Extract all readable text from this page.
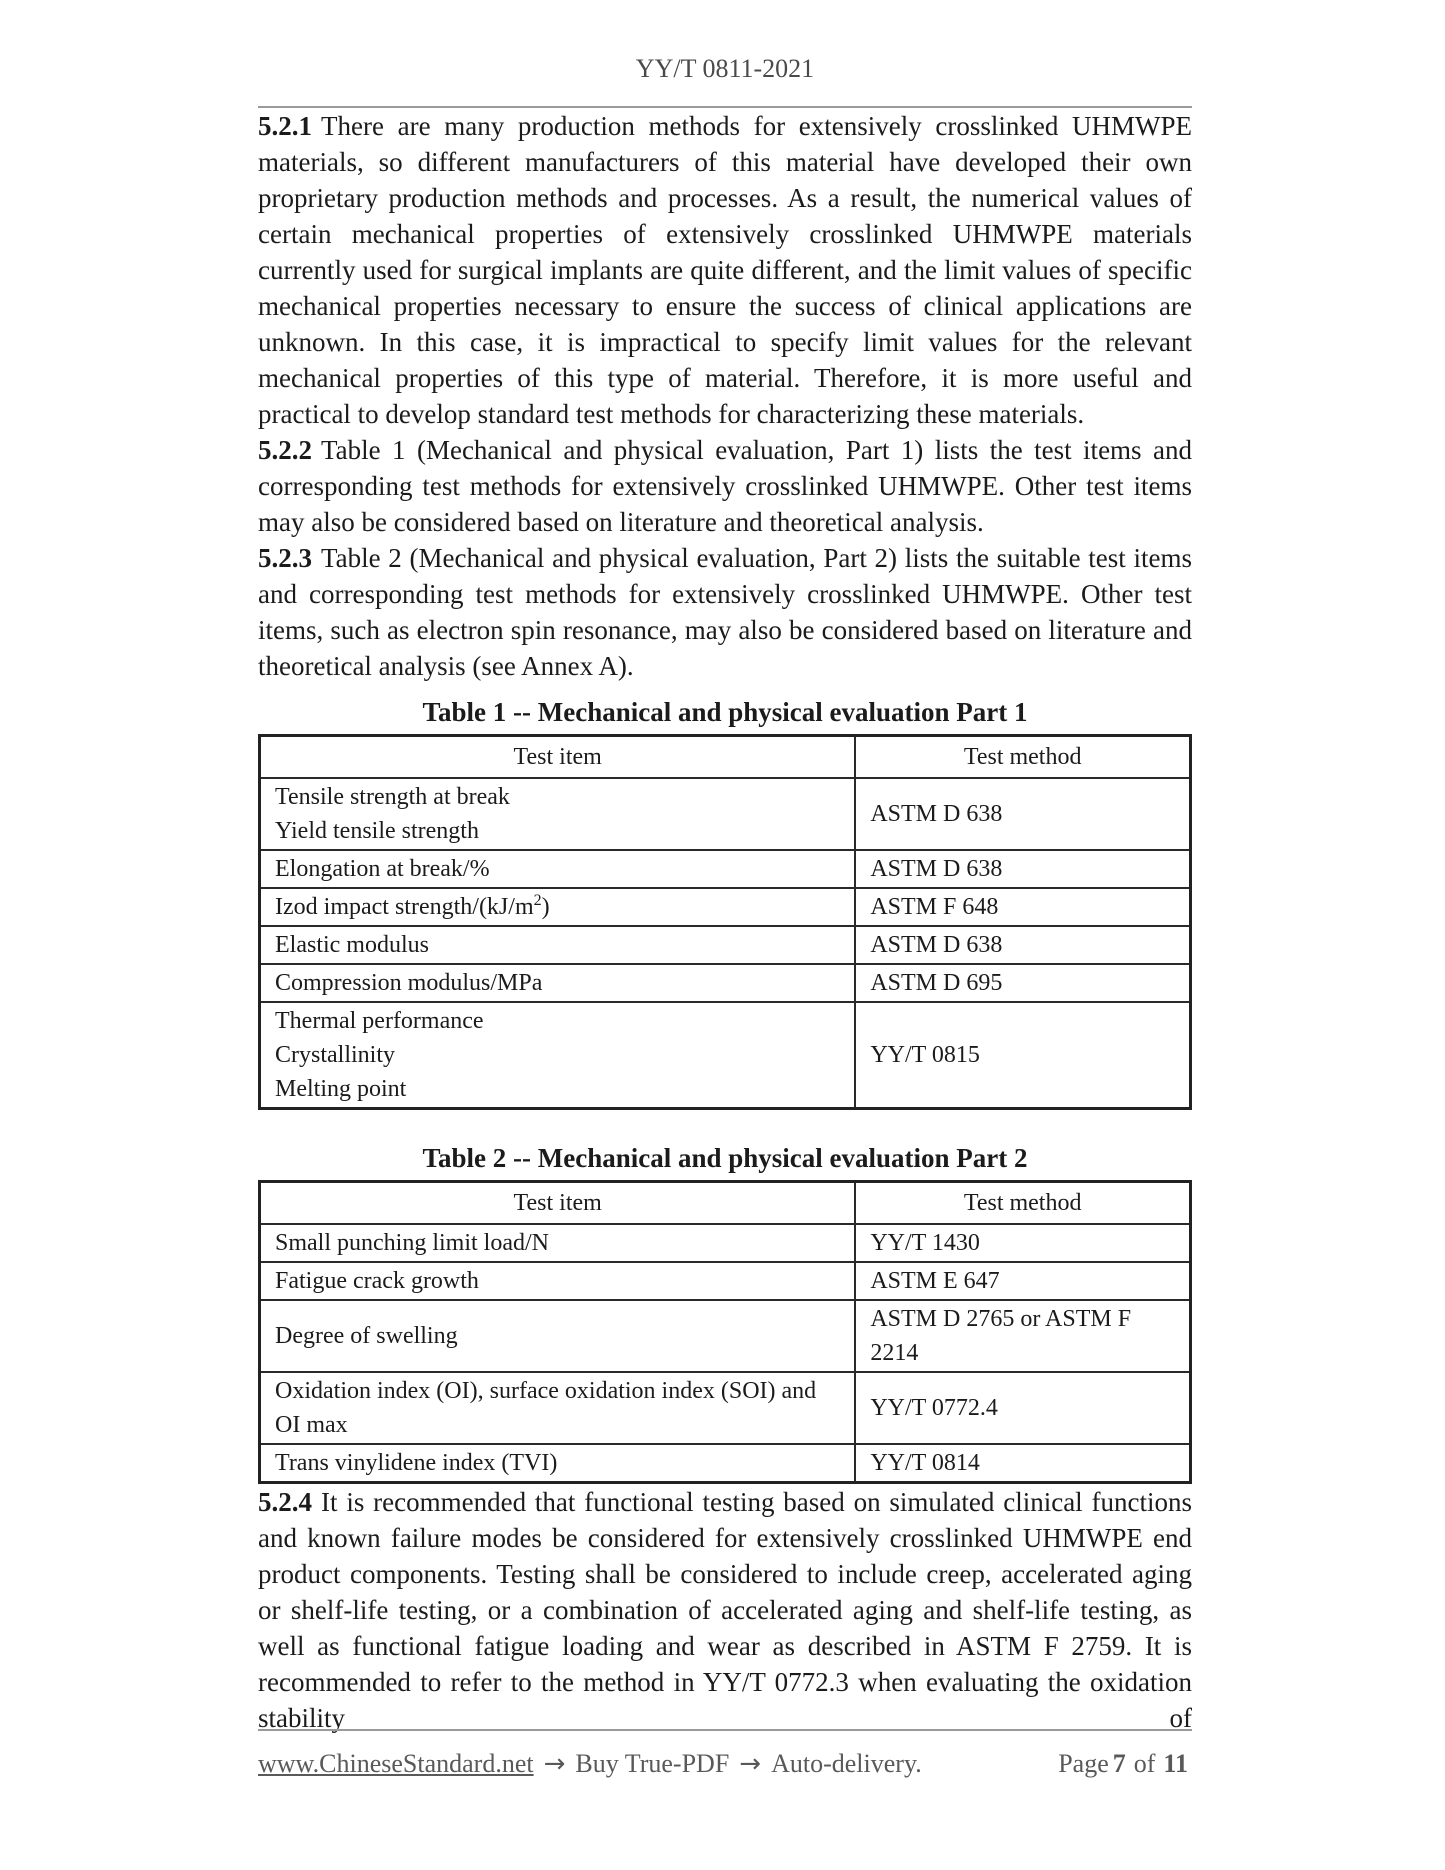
YY/T 0811-2021

5.2.1 There are many production methods for extensively crosslinked UHMWPE materials, so different manufacturers of this material have developed their own proprietary production methods and processes. As a result, the numerical values of certain mechanical properties of extensively crosslinked UHMWPE materials currently used for surgical implants are quite different, and the limit values of specific mechanical properties necessary to ensure the success of clinical applications are unknown. In this case, it is impractical to specify limit values for the relevant mechanical properties of this type of material. Therefore, it is more useful and practical to develop standard test methods for characterizing these materials.

5.2.2 Table 1 (Mechanical and physical evaluation, Part 1) lists the test items and corresponding test methods for extensively crosslinked UHMWPE. Other test items may also be considered based on literature and theoretical analysis.

5.2.3 Table 2 (Mechanical and physical evaluation, Part 2) lists the suitable test items and corresponding test methods for extensively crosslinked UHMWPE. Other test items, such as electron spin resonance, may also be considered based on literature and theoretical analysis (see Annex A).

Table 1 -- Mechanical and physical evaluation Part 1
Test item	Test method

Tensile strength at break
Yield tensile strength	ASTM D 638
Elongation at break/%	ASTM D 638
Izod impact strength/$(kJ/m^2)$	ASTM F 648
Elastic modulus	ASTM D 638
Compression modulus/MPa	ASTM D 695

Thermal performance
Crystallinity
Melting point	YY/T 0815
Table 2 -- Mechanical and physical evaluation Part 2
Test item	Test method
Small punching limit load/N	YY/T 1430
Fatigue crack growth	ASTM E 647
Degree of swelling	ASTM D 2765 or ASTM F 2214
Oxidation index (OI), surface oxidation index (SOI) and OI max	YY/T 0772.4
Trans vinylidene index (TVI)	YY/T 0814

5.2.4 It is recommended that functional testing based on simulated clinical functions and known failure modes be considered for extensively crosslinked UHMWPE end product components. Testing shall be considered to include creep, accelerated aging or shelf-life testing, or a combination of accelerated aging and shelf-life testing, as well as functional fatigue loading and wear as described in ASTM F 2759. It is recommended to refer to the method in YY/T 0772.3 when evaluating the oxidation stability of

www.ChineseStandard.net → Buy True-PDF → Auto-delivery.	Page 7 of 11
